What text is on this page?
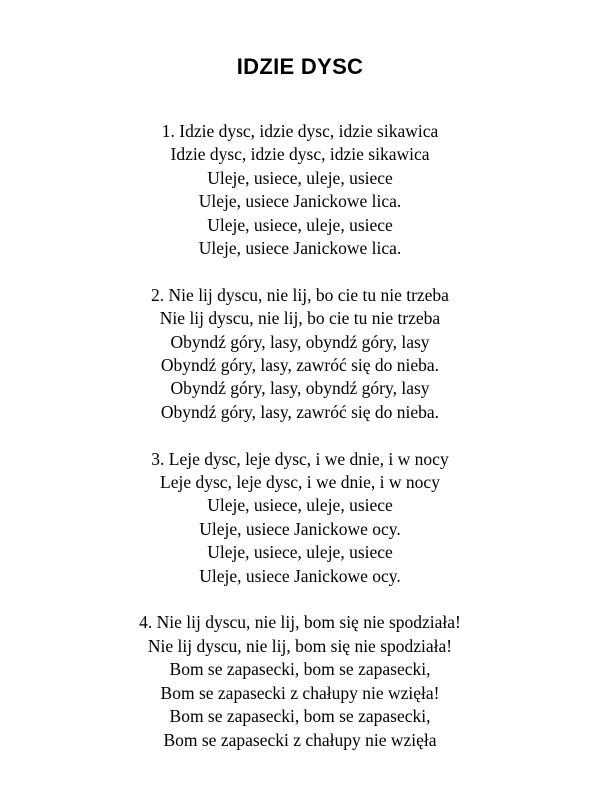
IDZIE DYSC
1. Idzie dysc, idzie dysc, idzie sikawica
Idzie dysc, idzie dysc, idzie sikawica
Uleje, usiece, uleje, usiece
Uleje, usiece Janickowe lica.
Uleje, usiece, uleje, usiece
Uleje, usiece Janickowe lica.
2. Nie lij dyscu, nie lij, bo cie tu nie trzeba
Nie lij dyscu, nie lij, bo cie tu nie trzeba
Obyndź góry, lasy, obyndź góry, lasy
Obyndź góry, lasy, zawróć się do nieba.
Obyndź góry, lasy, obyndź góry, lasy
Obyndź góry, lasy, zawróć się do nieba.
3. Leje dysc, leje dysc, i we dnie, i w nocy
Leje dysc, leje dysc, i we dnie, i w nocy
Uleje, usiece, uleje, usiece
Uleje, usiece Janickowe ocy.
Uleje, usiece, uleje, usiece
Uleje, usiece Janickowe ocy.
4. Nie lij dyscu, nie lij, bom się nie spodziała!
Nie lij dyscu, nie lij, bom się nie spodziała!
Bom se zapasecki, bom se zapasecki,
Bom se zapasecki z chałupy nie wzięła!
Bom se zapasecki, bom se zapasecki,
Bom se zapasecki z chałupy nie wzięła
